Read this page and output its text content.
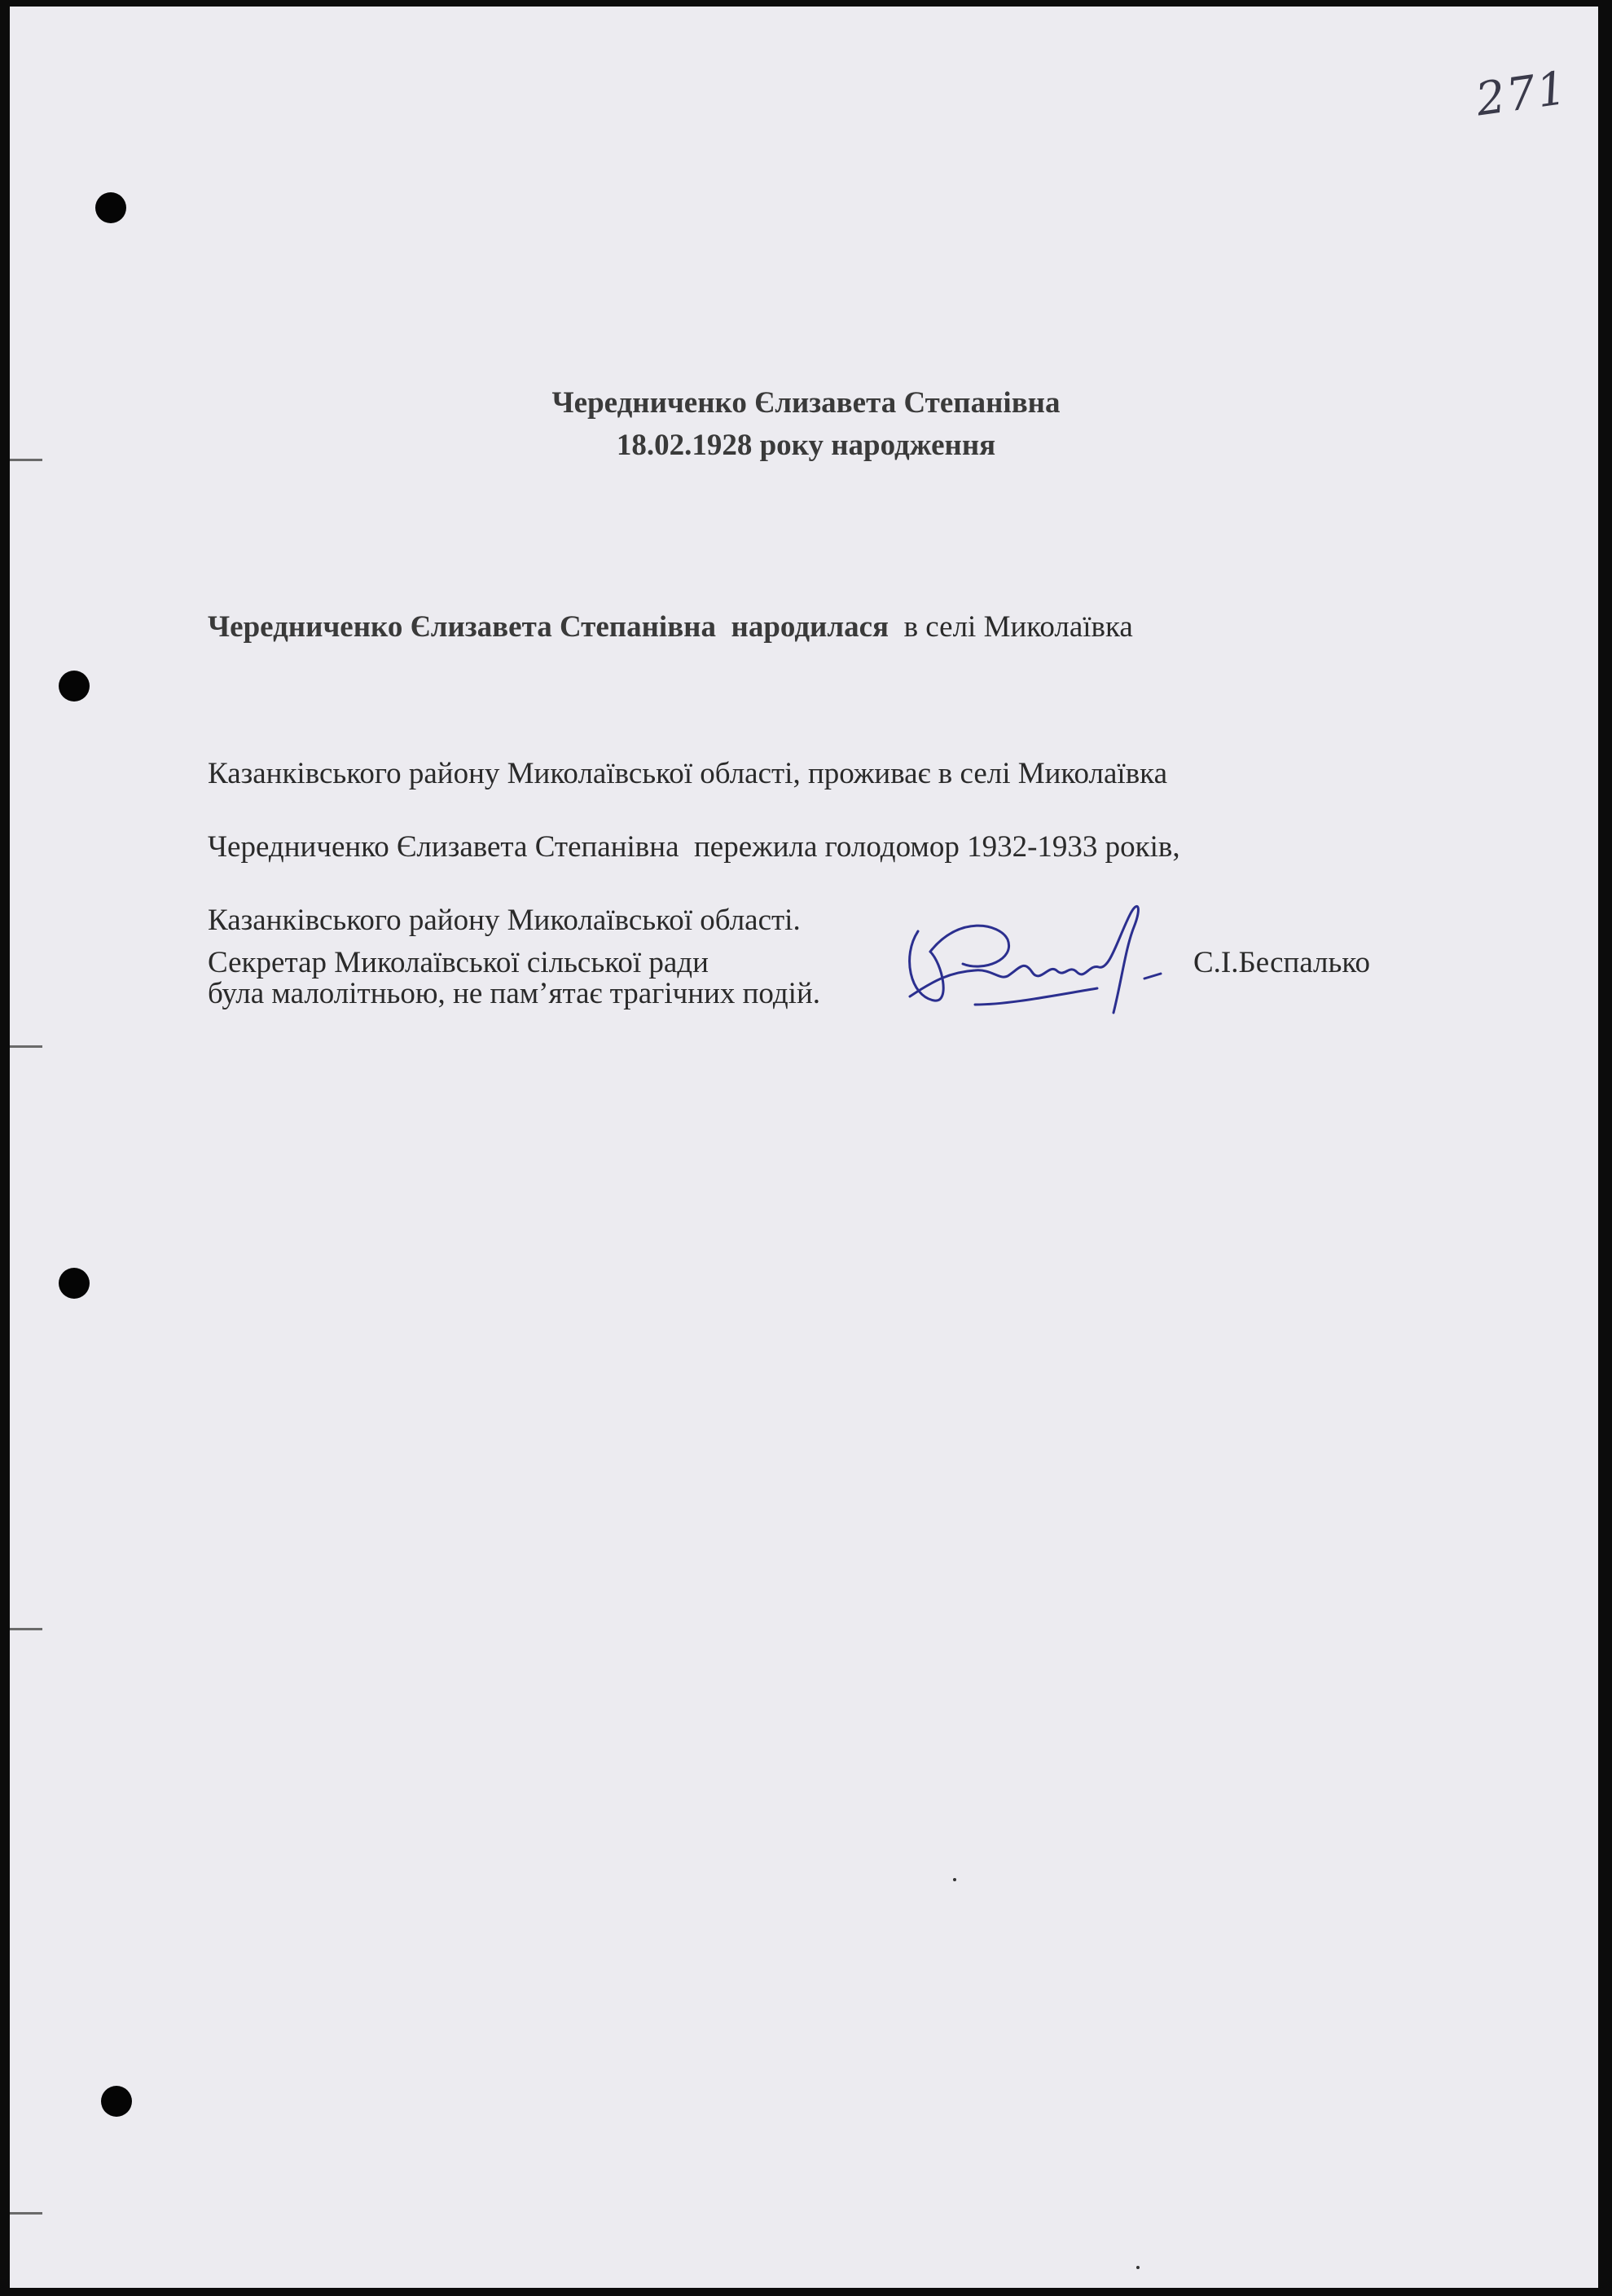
271
Чередниченко Єлизавета Степанівна
18.02.1928 року народження

Чередниченко Єлизавета Степанівна  народилася  в селі Миколаївка

Казанківського району Миколаївської області, проживає в селі Миколаївка

Казанківського району Миколаївської області.

Чередниченко Єлизавета Степанівна  пережила голодомор 1932-1933 років,

була малолітньою, не пам’ятає трагічних подій.

Секретар Миколаївської сільської ради	С.І.Беспалько
